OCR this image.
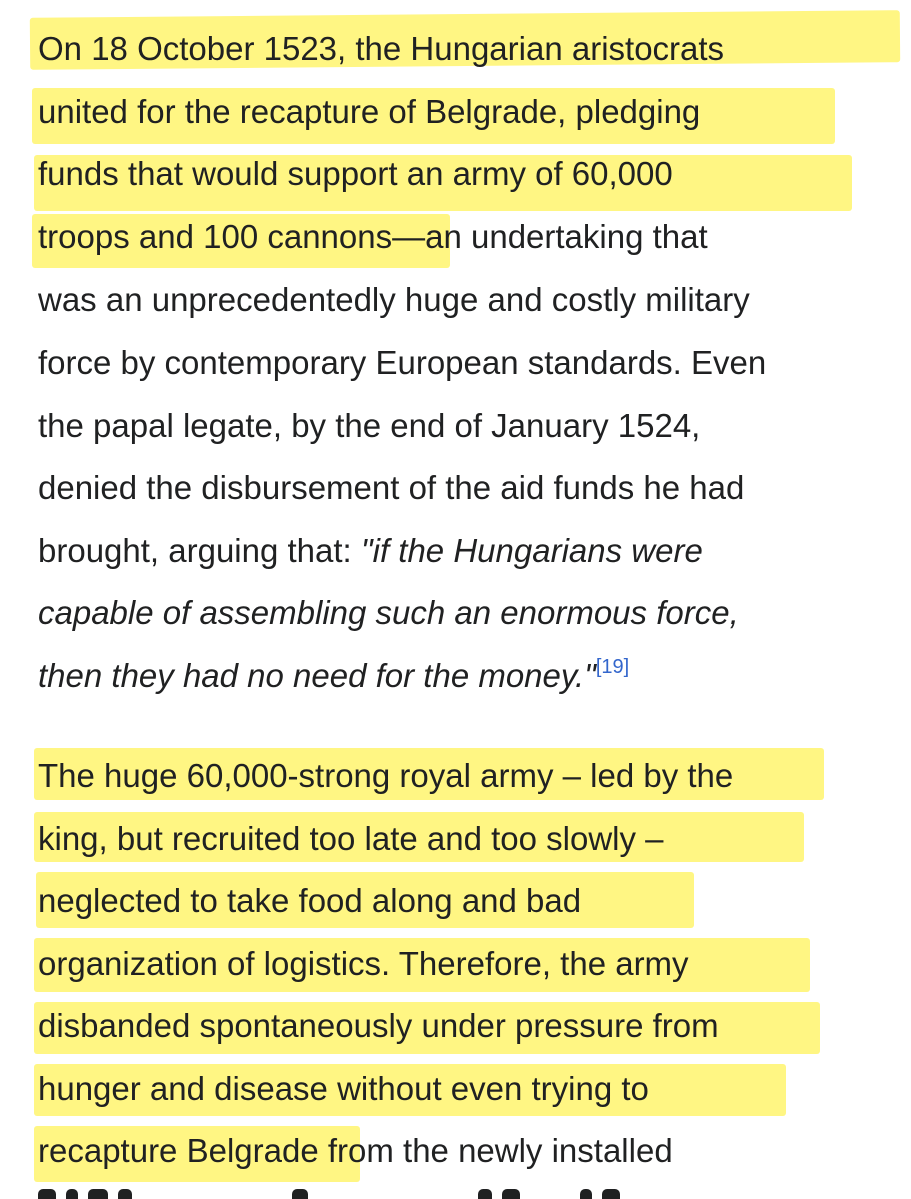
On 18 October 1523, the Hungarian aristocrats
united for the recapture of Belgrade, pledging
funds that would support an army of 60,000
troops and 100 cannons—an undertaking that
was an unprecedentedly huge and costly military
force by contemporary European standards. Even
the papal legate, by the end of January 1524,
denied the disbursement of the aid funds he had
brought, arguing that: "if the Hungarians were
capable of assembling such an enormous force,
then they had no need for the money."[19]
The huge 60,000-strong royal army – led by the
king, but recruited too late and too slowly –
neglected to take food along and bad
organization of logistics. Therefore, the army
disbanded spontaneously under pressure from
hunger and disease without even trying to
recapture Belgrade from the newly installed
